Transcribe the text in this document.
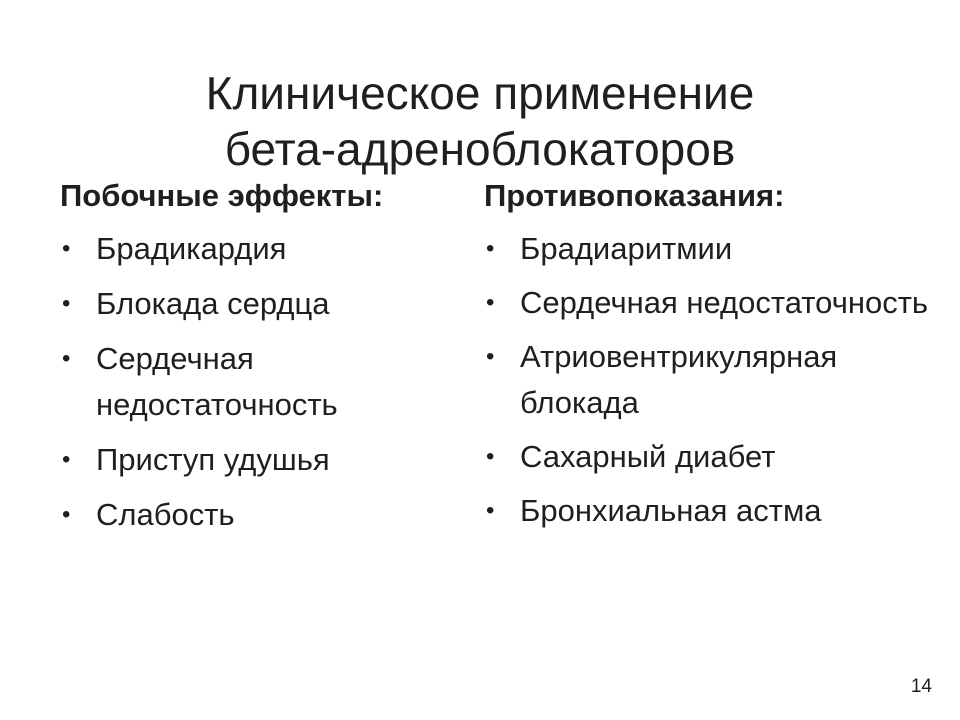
Клиническое применение
бета-адреноблокаторов
Побочные эффекты:
• Брадикардия
• Блокада сердца
• Сердечная недостаточность
• Приступ удушья
• Слабость
Противопоказания:
• Брадиаритмии
• Сердечная недостаточность
• Атриовентрикулярная блокада
• Сахарный диабет
• Бронхиальная астма
14
